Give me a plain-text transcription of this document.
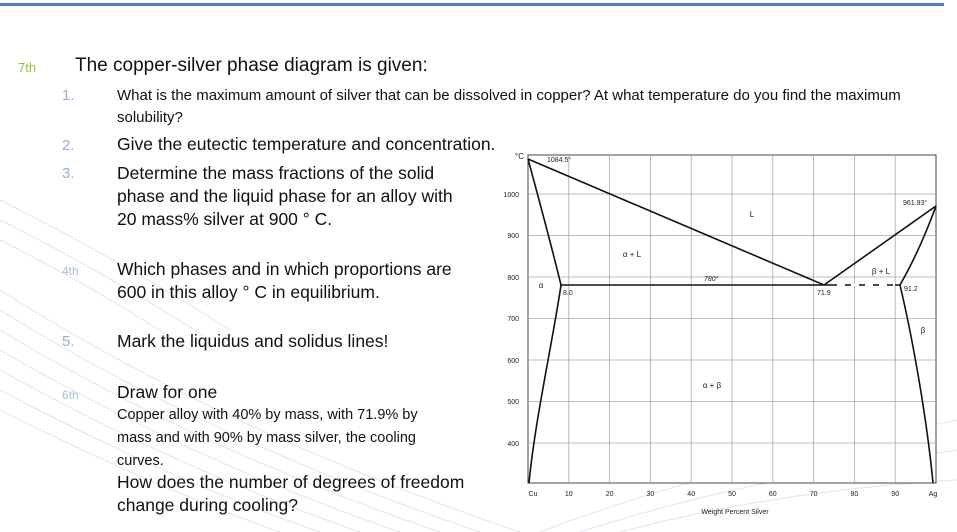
7th The copper-silver phase diagram is given:
1.	What is the maximum amount of silver that can be dissolved in copper? At what temperature do you find the maximum solubility?
2. Give the eutectic temperature and concentration.
3. Determine the mass fractions of the solid
phase and the liquid phase for an alloy with
20 mass% silver at 900 ° C.
4th Which phases and in which proportions are
600 in this alloy ° C in equilibrium.
5. Mark the liquidus and solidus lines!
6th Draw for one
Copper alloy with 40% by mass, with 71.9% by
mass and with 90% by mass silver, the cooling
curves.
How does the number of degrees of freedom
change during cooling?
°C
1000
900
800
700
600
500
400
Cu	10	20	30	40	50	60	70	80	90	Ag
Weight Percent Silver
1084.5°
961.93°
780°
8.0	71.9
91.2
L
α + L
β + L
α
β
α + β
